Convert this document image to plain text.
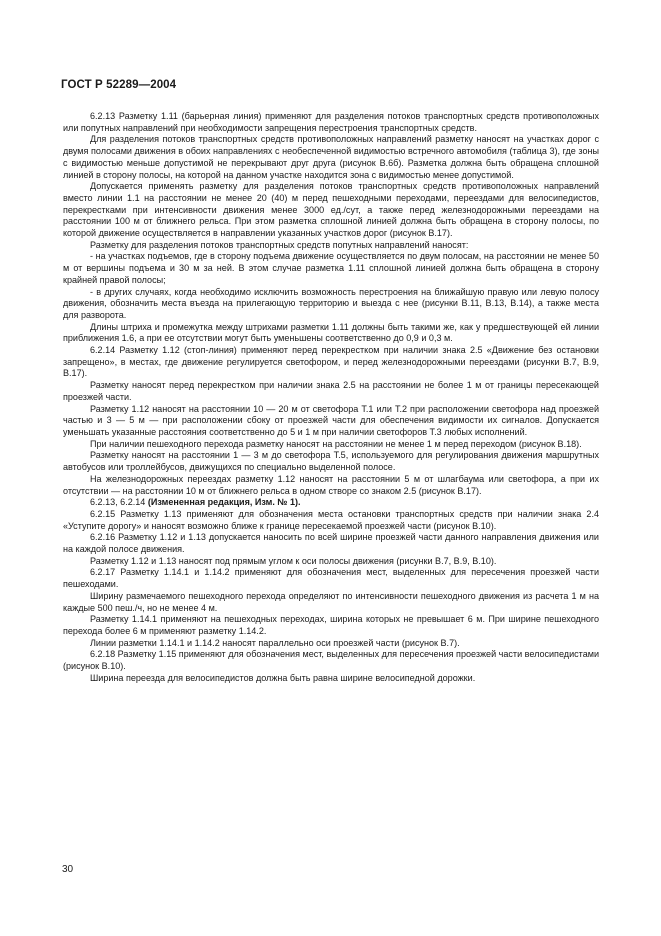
ГОСТ Р 52289—2004

6.2.13 Разметку 1.11 (барьерная линия) применяют для разделения потоков транспортных средств противоположных или попутных направлений при необходимости запрещения перестроения транспортных средств.

Для разделения потоков транспортных средств противоположных направлений разметку наносят на участках дорог с двумя полосами движения в обоих направлениях с необеспеченной видимостью встречного автомобиля (таблица 3), где зоны с видимостью меньше допустимой не перекрывают друг друга (рисунок В.6б). Разметка должна быть обращена сплошной линией в сторону полосы, на которой на данном участке находится зона с видимостью менее допустимой.

Допускается применять разметку для разделения потоков транспортных средств противоположных направлений вместо линии 1.1 на расстоянии не менее 20 (40) м перед пешеходными переходами, переездами для велосипедистов, перекрестками при интенсивности движения менее 3000 ед./сут, а также перед железнодорожными переездами на расстоянии 100 м от ближнего рельса. При этом разметка сплошной линией должна быть обращена в сторону полосы, по которой движение осуществляется в направлении указанных участков дорог (рисунок В.17).

Разметку для разделения потоков транспортных средств попутных направлений наносят:

- на участках подъемов, где в сторону подъема движение осуществляется по двум полосам, на расстоянии не менее 50 м от вершины подъема и 30 м за ней. В этом случае разметка 1.11 сплошной линией должна быть обращена в сторону крайней правой полосы;

- в других случаях, когда необходимо исключить возможность перестроения на ближайшую правую или левую полосу движения, обозначить места въезда на прилегающую территорию и выезда с нее (рисунки В.11, В.13, В.14), а также места для разворота.

Длины штриха и промежутка между штрихами разметки 1.11 должны быть такими же, как у предшествующей ей линии приближения 1.6, а при ее отсутствии могут быть уменьшены соответственно до 0,9 и 0,3 м.

6.2.14 Разметку 1.12 (стоп-линия) применяют перед перекрестком при наличии знака 2.5 «Движение без остановки запрещено», в местах, где движение регулируется светофором, и перед железнодорожными переездами (рисунки В.7, В.9, В.17).

Разметку наносят перед перекрестком при наличии знака 2.5 на расстоянии не более 1 м от границы пересекающей проезжей части.

Разметку 1.12 наносят на расстоянии 10 — 20 м от светофора Т.1 или Т.2 при расположении светофора над проезжей частью и 3 — 5 м — при расположении сбоку от проезжей части для обеспечения видимости их сигналов. Допускается уменьшать указанные расстояния соответственно до 5 и 1 м при наличии светофоров Т.3 любых исполнений.

При наличии пешеходного перехода разметку наносят на расстоянии не менее 1 м перед переходом (рисунок В.18).

Разметку наносят на расстоянии 1 — 3 м до светофора Т.5, используемого для регулирования движения маршрутных автобусов или троллейбусов, движущихся по специально выделенной полосе.

На железнодорожных переездах разметку 1.12 наносят на расстоянии 5 м от шлагбаума или светофора, а при их отсутствии — на расстоянии 10 м от ближнего рельса в одном створе со знаком 2.5 (рисунок В.17).

6.2.13, 6.2.14 (Измененная редакция, Изм. № 1).

6.2.15 Разметку 1.13 применяют для обозначения места остановки транспортных средств при наличии знака 2.4 «Уступите дорогу» и наносят возможно ближе к границе пересекаемой проезжей части (рисунок В.10).

6.2.16 Разметку 1.12 и 1.13 допускается наносить по всей ширине проезжей части данного направления движения или на каждой полосе движения.

Разметку 1.12 и 1.13 наносят под прямым углом к оси полосы движения (рисунки В.7, В.9, В.10).

6.2.17 Разметку 1.14.1 и 1.14.2 применяют для обозначения мест, выделенных для пересечения проезжей части пешеходами.

Ширину размечаемого пешеходного перехода определяют по интенсивности пешеходного движения из расчета 1 м на каждые 500 пеш./ч, но не менее 4 м.

Разметку 1.14.1 применяют на пешеходных переходах, ширина которых не превышает 6 м. При ширине пешеходного перехода более 6 м применяют разметку 1.14.2.

Линии разметки 1.14.1 и 1.14.2 наносят параллельно оси проезжей части (рисунок В.7).

6.2.18 Разметку 1.15 применяют для обозначения мест, выделенных для пересечения проезжей части велосипедистами (рисунок В.10).

Ширина переезда для велосипедистов должна быть равна ширине велосипедной дорожки.

30
